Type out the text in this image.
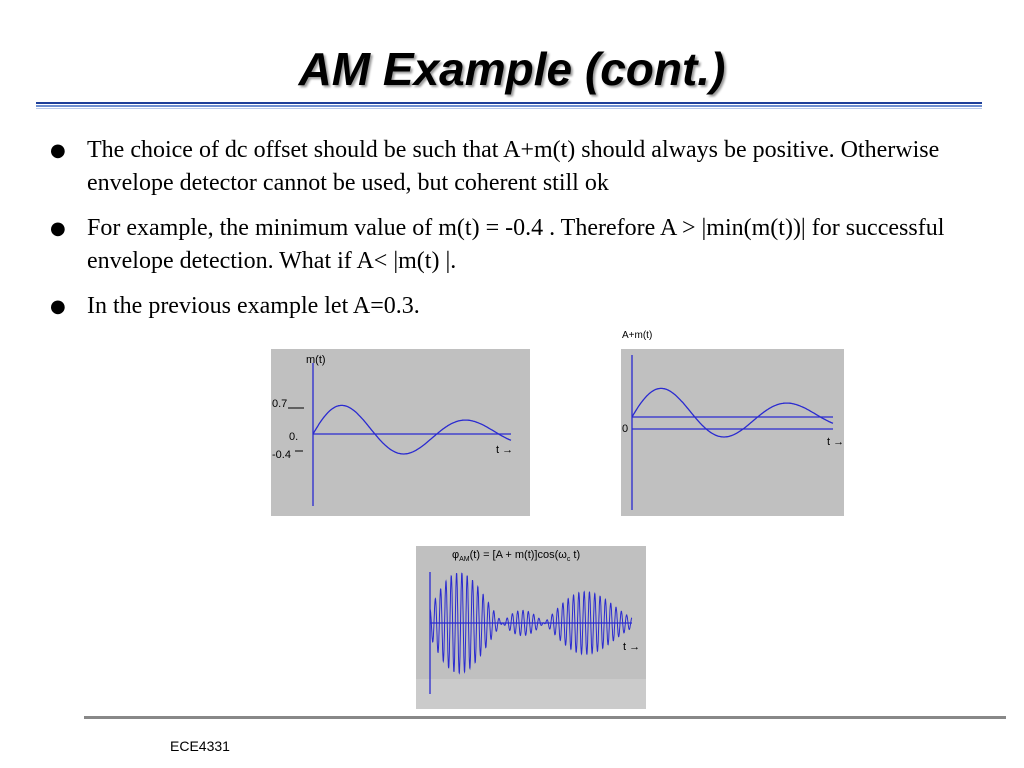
AM Example (cont.)
● The choice of dc offset should be such that A+m(t) should always be positive. Otherwise envelope detector cannot be used, but coherent still ok
● For example, the minimum value of m(t) = -0.4 . Therefore A > |min(m(t))| for successful envelope detection. What if A< |m(t) |.
● In the previous example let A=0.3.
m(t)
0.7
0.
-0.4	t →
A+m(t)
0
t →
$\varphi_{AM}(t) = [A + m(t)]\cos(\omega_c$ t)
t →
ECE4331
